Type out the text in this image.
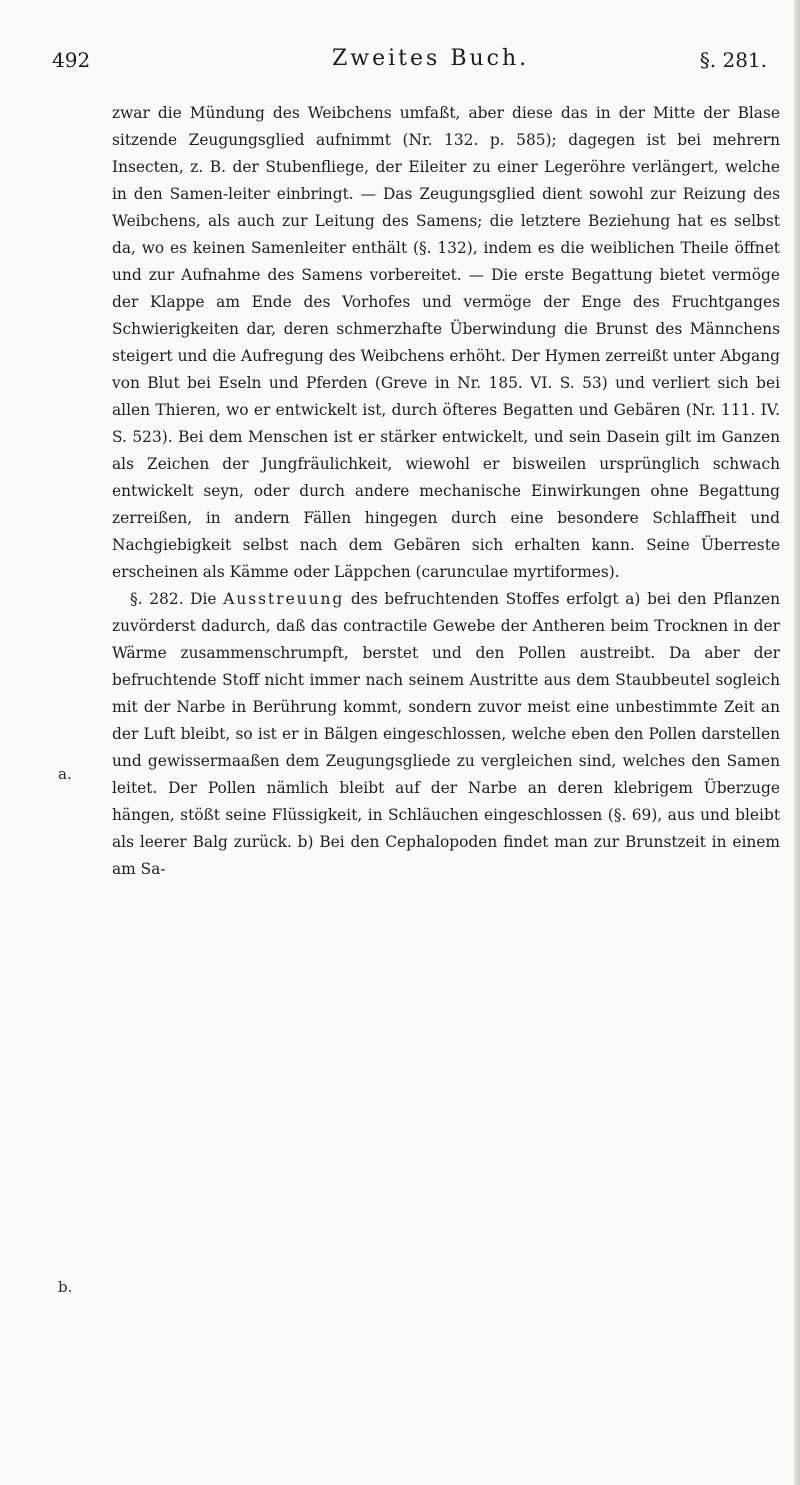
492	Zweites Buch.	§. 281.
a.
b.

zwar die Mündung des Weibchens umfaßt, aber diese das in der Mitte der Blase sitzende Zeugungsglied aufnimmt (Nr. 132. p. 585); dagegen ist bei mehrern Insecten, z. B. der Stubenfliege, der Eileiter zu einer Legeröhre verlängert, welche in den Samen-leiter einbringt. — Das Zeugungsglied dient sowohl zur Reizung des Weibchens, als auch zur Leitung des Samens; die letztere Beziehung hat es selbst da, wo es keinen Samenleiter enthält (§. 132), indem es die weiblichen Theile öffnet und zur Aufnahme des Samens vorbereitet. — Die erste Begattung bietet vermöge der Klappe am Ende des Vorhofes und vermöge der Enge des Fruchtganges Schwierigkeiten dar, deren schmerzhafte Überwindung die Brunst des Männchens steigert und die Aufregung des Weibchens erhöht. Der Hymen zerreißt unter Abgang von Blut bei Eseln und Pferden (Greve in Nr. 185. VI. S. 53) und verliert sich bei allen Thieren, wo er entwickelt ist, durch öfteres Begatten und Gebären (Nr. 111. IV. S. 523). Bei dem Menschen ist er stärker entwickelt, und sein Dasein gilt im Ganzen als Zeichen der Jungfräulichkeit, wiewohl er bisweilen ursprünglich schwach entwickelt seyn, oder durch andere mechanische Einwirkungen ohne Begattung zerreißen, in andern Fällen hingegen durch eine besondere Schlaffheit und Nachgiebigkeit selbst nach dem Gebären sich erhalten kann. Seine Überreste erscheinen als Kämme oder Läppchen (carunculae myrtiformes).

§. 282. Die Ausstreuung des befruchtenden Stoffes erfolgt a) bei den Pflanzen zuvörderst dadurch, daß das contractile Gewebe der Antheren beim Trocknen in der Wärme zusammenschrumpft, berstet und den Pollen austreibt. Da aber der befruchtende Stoff nicht immer nach seinem Austritte aus dem Staubbeutel sogleich mit der Narbe in Berührung kommt, sondern zuvor meist eine unbestimmte Zeit an der Luft bleibt, so ist er in Bälgen eingeschlossen, welche eben den Pollen darstellen und gewissermaaßen dem Zeugungsgliede zu vergleichen sind, welches den Samen leitet. Der Pollen nämlich bleibt auf der Narbe an deren klebrigem Überzuge hängen, stößt seine Flüssigkeit, in Schläuchen eingeschlossen (§. 69), aus und bleibt als leerer Balg zurück. b) Bei den Cephalopoden findet man zur Brunstzeit in einem am Sa-
